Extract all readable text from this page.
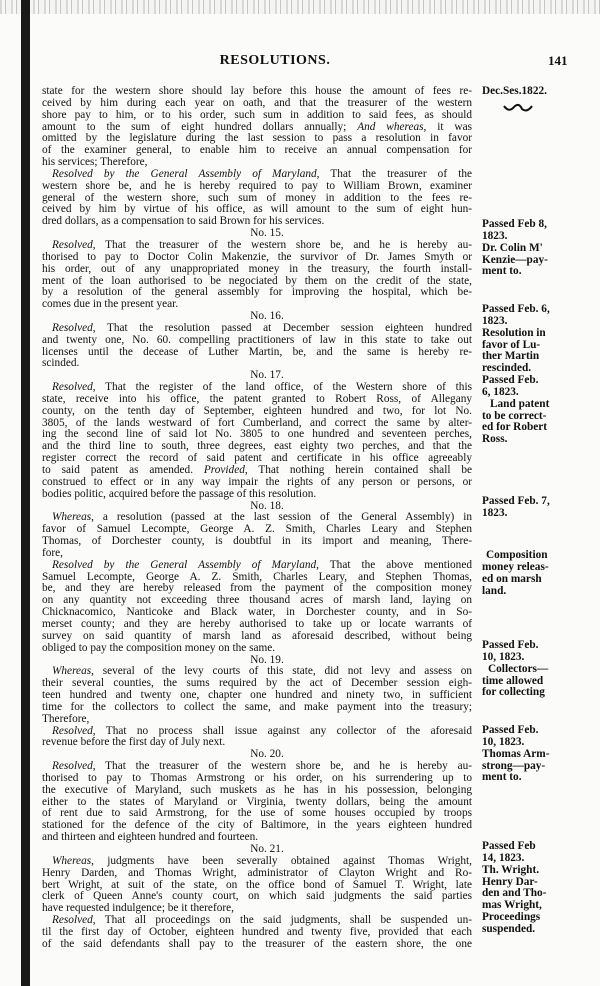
RESOLUTIONS.	141
state for the western shore should lay before this house the amount of fees re-
ceived by him during each year on oath, and that the treasurer of the western
shore pay to him, or to his order, such sum in addition to said fees, as should
amount to the sum of eight hundred dollars annually; And whereas, it was
omitted by the legislature during the last session to pass a resolution in favor
of the examiner general, to enable him to receive an annual compensation for
his services; Therefore,
Resolved by the General Assembly of Maryland, That the treasurer of the
western shore be, and he is hereby required to pay to William Brown, examiner
general of the western shore, such sum of money in addition to the fees re-
ceived by him by virtue of his office, as will amount to the sum of eight hun-
dred dollars, as a compensation to said Brown for his services.
No. 15.
Resolved, That the treasurer of the western shore be, and he is hereby au-
thorised to pay to Doctor Colin Makenzie, the survivor of Dr. James Smyth or
his order, out of any unappropriated money in the treasury, the fourth install-
ment of the loan authorised to be negociated by them on the credit of the state,
by a resolution of the general assembly for improving the hospital, which be-
comes due in the present year.
No. 16.
Resolved, That the resolution passed at December session eighteen hundred
and twenty one, No. 60. compelling practitioners of law in this state to take out
licenses until the decease of Luther Martin, be, and the same is hereby re-
scinded.
No. 17.
Resolved, That the register of the land office, of the Western shore of this
state, receive into his office, the patent granted to Robert Ross, of Allegany
county, on the tenth day of September, eighteen hundred and two, for lot No.
3805, of the lands westward of fort Cumberland, and correct the same by alter-
ing the second line of said lot No. 3805 to one hundred and seventeen perches,
and the third line to south, three degrees, east eighty two perches, and that the
register correct the record of said patent and certificate in his office agreeably
to said patent as amended. Provided, That nothing herein contained shall be
construed to effect or in any way impair the rights of any person or persons, or
bodies politic, acquired before the passage of this resolution.
No. 18.
Whereas, a resolution (passed at the last session of the General Assembly) in
favor of Samuel Lecompte, George A. Z. Smith, Charles Leary and Stephen
Thomas, of Dorchester county, is doubtful in its import and meaning, There-
fore,
Resolved by the General Assembly of Maryland, That the above mentioned
Samuel Lecompte, George A. Z. Smith, Charles Leary, and Stephen Thomas,
be, and they are hereby released from the payment of the composition money
on any quantity not exceeding three thousand acres of marsh land, laying on
Chicknacomico, Nanticoke and Black water, in Dorchester county, and in So-
merset county; and they are hereby authorised to take up or locate warrants of
survey on said quantity of marsh land as aforesaid described, without being
obliged to pay the composition money on the same.
No. 19.
Whereas, several of the levy courts of this state, did not levy and assess on
their several counties, the sums required by the act of December session eigh-
teen hundred and twenty one, chapter one hundred and ninety two, in sufficient
time for the collectors to collect the same, and make payment into the treasury;
Therefore,
Resolved, That no process shall issue against any collector of the aforesaid
revenue before the first day of July next.
No. 20.
Resolved, That the treasurer of the western shore be, and he is hereby au-
thorised to pay to Thomas Armstrong or his order, on his surrendering up to
the executive of Maryland, such muskets as he has in his possession, belonging
either to the states of Maryland or Virginia, twenty dollars, being the amount
of rent due to said Armstrong, for the use of some houses occupied by troops
stationed for the defence of the city of Baltimore, in the years eighteen hundred
and thirteen and eighteen hundred and fourteen.
No. 21.
Whereas, judgments have been severally obtained against Thomas Wright,
Henry Darden, and Thomas Wright, administrator of Clayton Wright and Ro-
bert Wright, at suit of the state, on the office bond of Samuel T. Wright, late
clerk of Queen Anne's county court, on which said judgments the said parties
have requested indulgence; be it therefore,
Resolved, That all proceedings on the said judgments, shall be suspended un-
til the first day of October, eighteen hundred and twenty five, provided that each
of the said defendants shall pay to the treasurer of the eastern shore, the one
Dec.Ses.1822.
Passed Feb 8,
1823.
Dr. Colin M'
Kenzie—pay-
ment to.
Passed Feb. 6,
1823.
Resolution in
favor of Lu-
ther Martin
rescinded.
Passed Feb.
6, 1823.
Land patent
to be correct-
ed for Robert
Ross.
Passed Feb. 7,
1823.
Composition
money releas-
ed on marsh
land.
Passed Feb.
10, 1823.
Collectors—
time allowed
for collecting
Passed Feb.
10, 1823.
Thomas Arm-
strong—pay-
ment to.
Passed Feb
14, 1823.
Th. Wright.
Henry Dar-
den and Tho-
mas Wright,
Proceedings
suspended.
